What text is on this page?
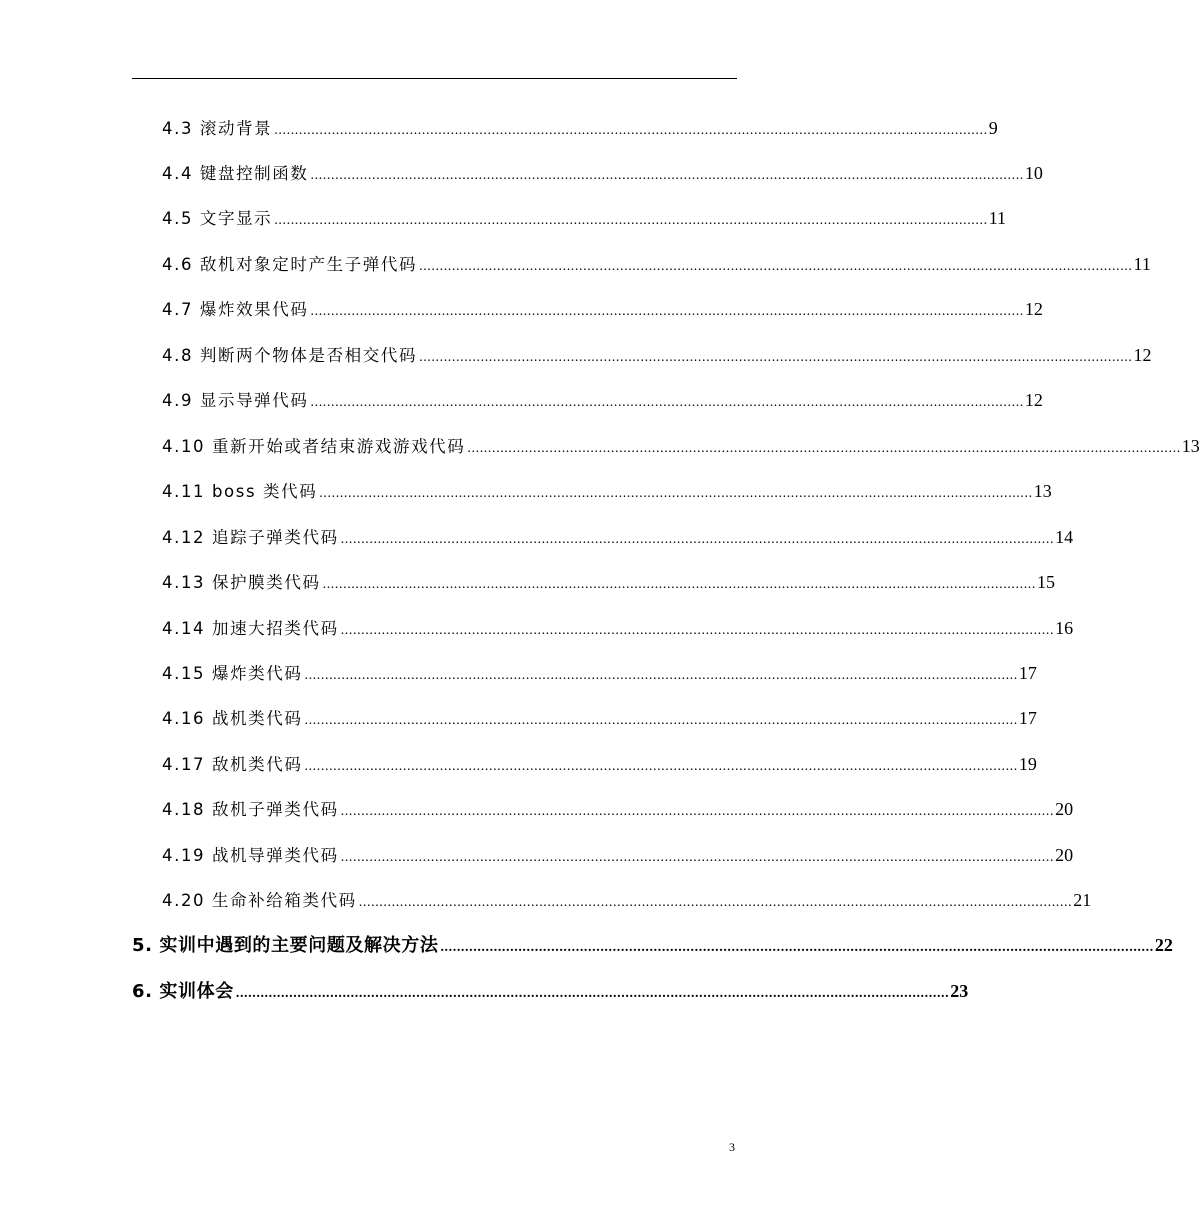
4.3 滚动背景 .............................................................................................................................................................................. 9
4.4 键盘控制函数 .............................................................................................................................................................................. 10
4.5 文字显示 .............................................................................................................................................................................. 11
4.6 敌机对象定时产生子弹代码 .............................................................................................................................................................................. 11
4.7 爆炸效果代码 .............................................................................................................................................................................. 12
4.8 判断两个物体是否相交代码 .............................................................................................................................................................................. 12
4.9 显示导弹代码 .............................................................................................................................................................................. 12
4.10 重新开始或者结束游戏游戏代码 .............................................................................................................................................................................. 13
4.11 boss 类代码 .............................................................................................................................................................................. 13
4.12 追踪子弹类代码 .............................................................................................................................................................................. 14
4.13 保护膜类代码 .............................................................................................................................................................................. 15
4.14 加速大招类代码 .............................................................................................................................................................................. 16
4.15 爆炸类代码 .............................................................................................................................................................................. 17
4.16 战机类代码 .............................................................................................................................................................................. 17
4.17 敌机类代码 .............................................................................................................................................................................. 19
4.18 敌机子弹类代码 .............................................................................................................................................................................. 20
4.19 战机导弹类代码 .............................................................................................................................................................................. 20
4.20 生命补给箱类代码 .............................................................................................................................................................................. 21
5. 实训中遇到的主要问题及解决方法 .............................................................................................................................................................................. 22
6. 实训体会 .............................................................................................................................................................................. 23
3
